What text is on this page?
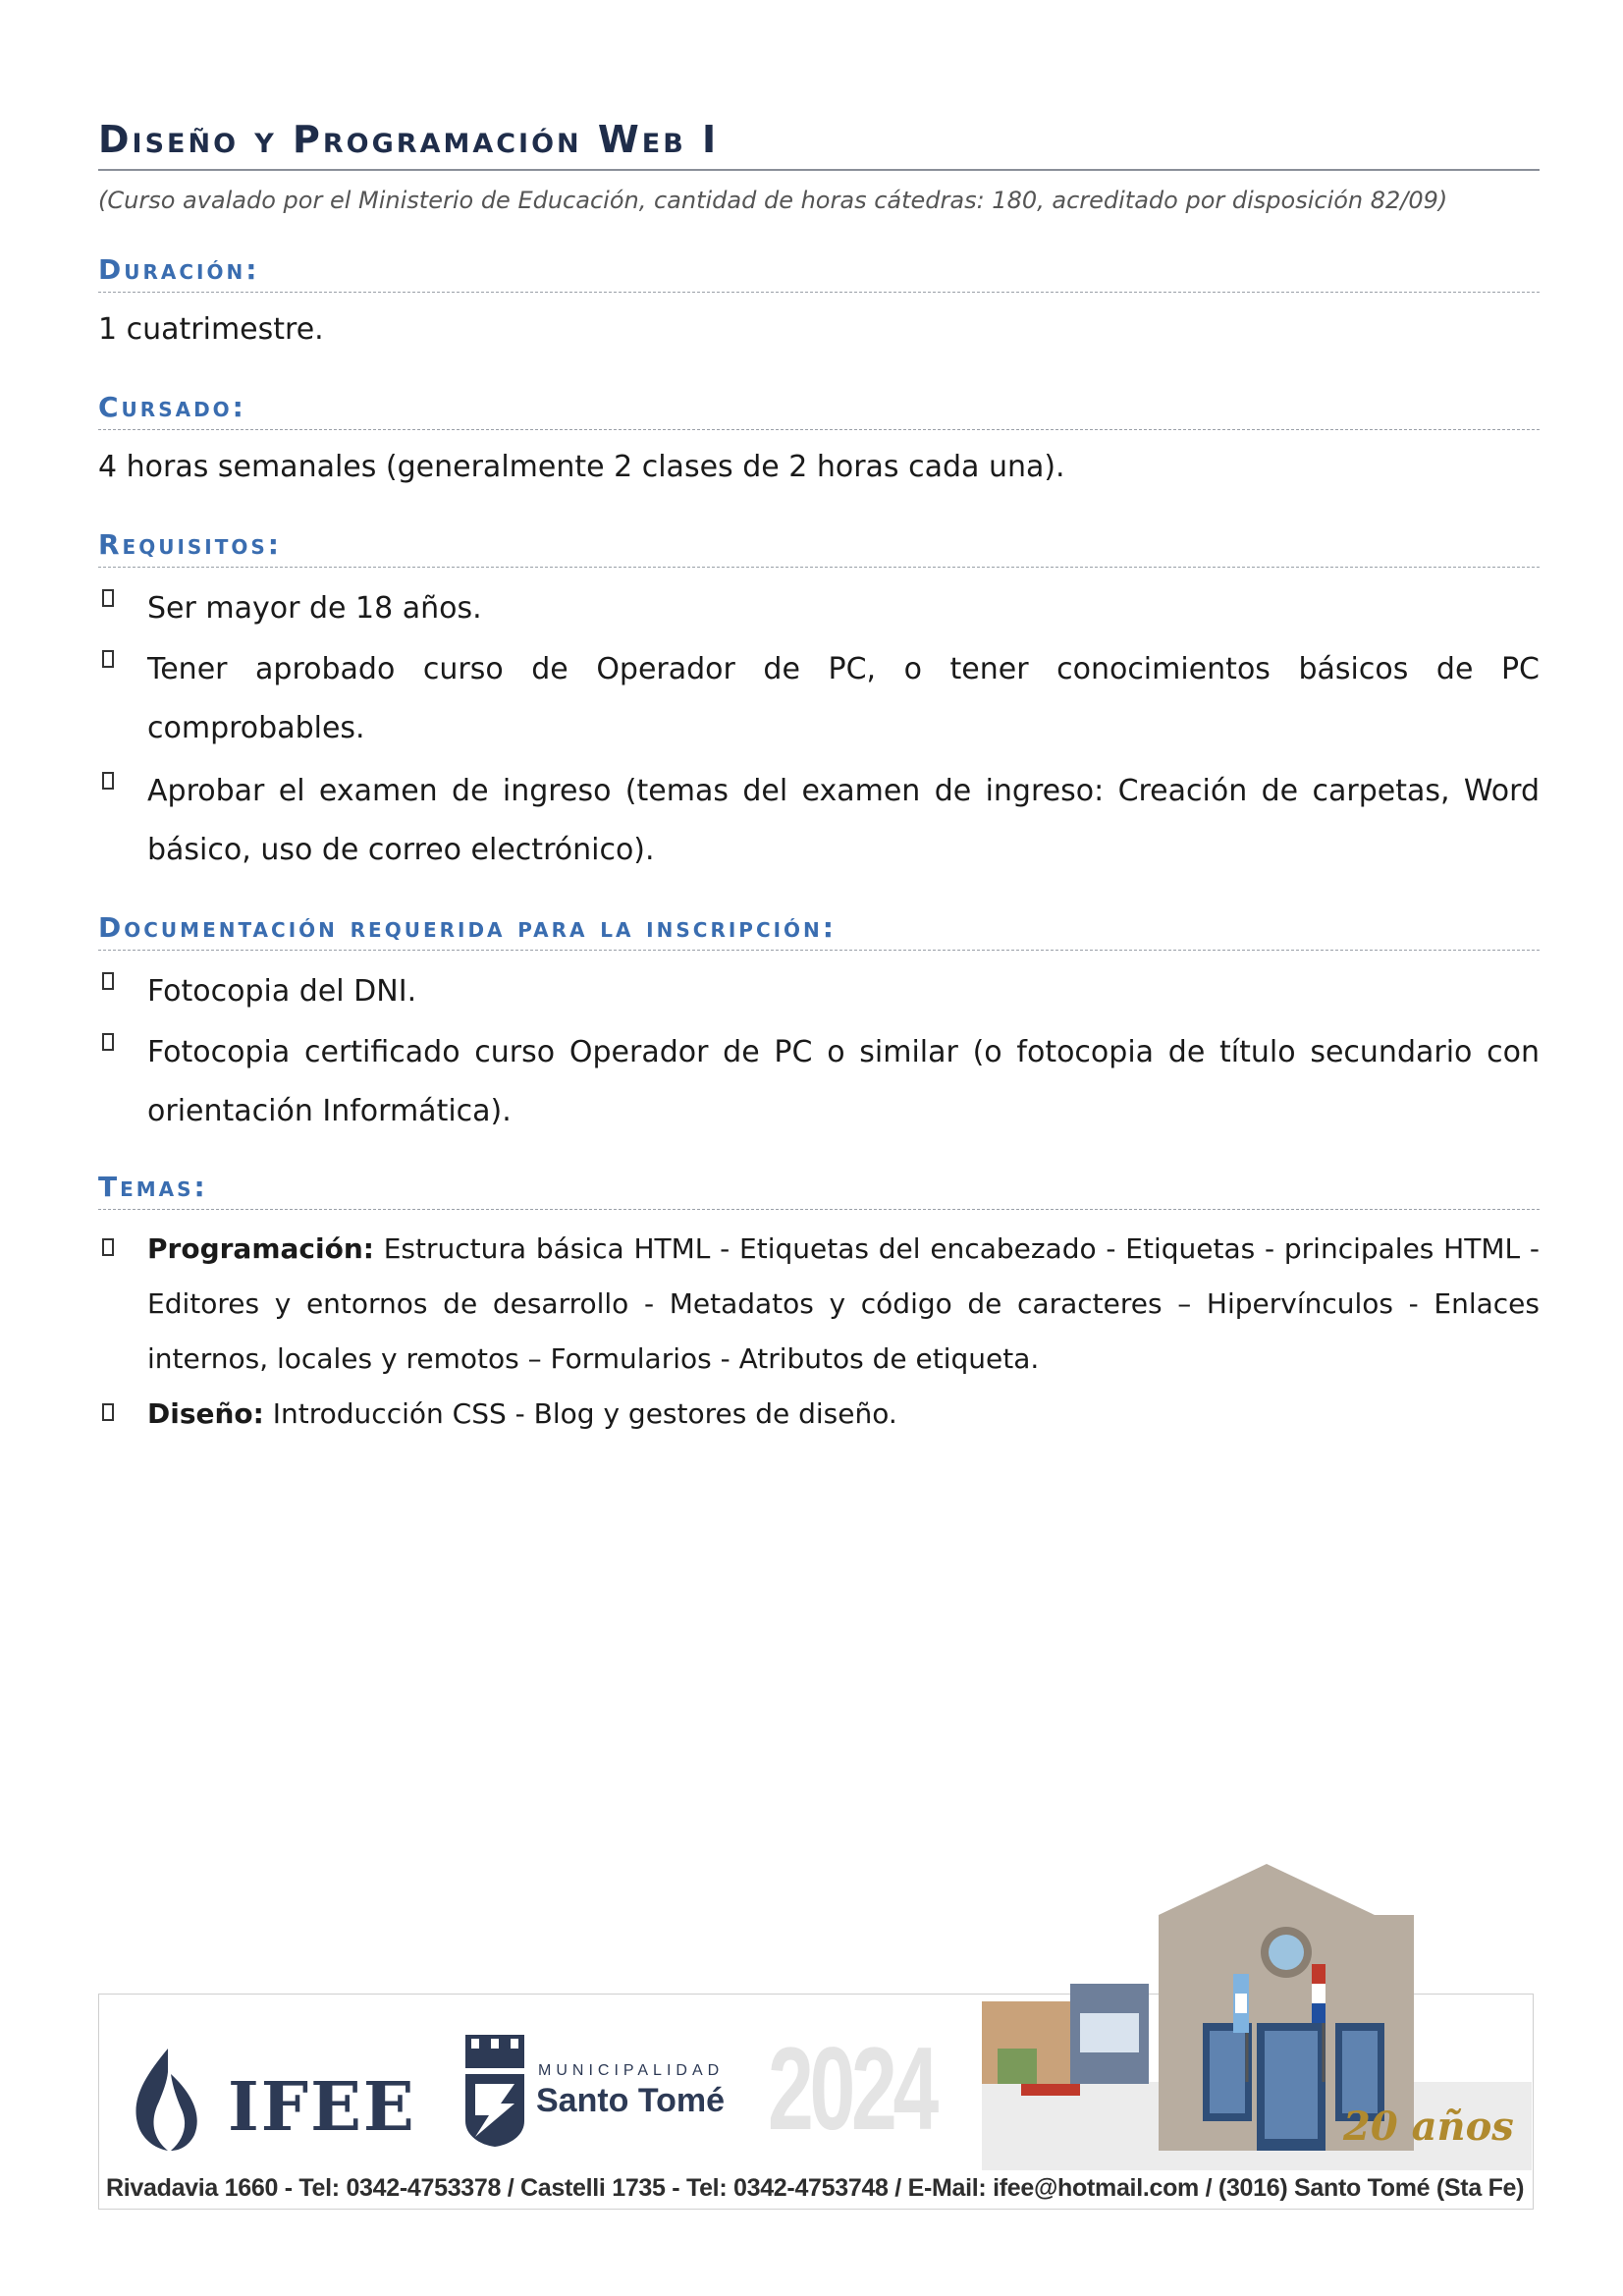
Diseño y Programación Web I
(Curso avalado por el Ministerio de Educación, cantidad de horas cátedras: 180, acreditado por disposición 82/09)
Duración:
1 cuatrimestre.
Cursado:
4 horas semanales (generalmente 2 clases de 2 horas cada una).
Requisitos:
Ser mayor de 18 años.
Tener aprobado curso de Operador de PC, o tener conocimientos básicos de PC comprobables.
Aprobar el examen de ingreso (temas del examen de ingreso: Creación de carpetas, Word básico, uso de correo electrónico).
Documentación requerida para la inscripción:
Fotocopia del DNI.
Fotocopia certificado curso Operador de PC o similar (o fotocopia de título secundario con orientación Informática).
Temas:
Programación: Estructura básica HTML - Etiquetas del encabezado - Etiquetas - principales HTML - Editores y entornos de desarrollo - Metadatos y código de caracteres – Hipervínculos - Enlaces internos, locales y remotos – Formularios - Atributos de etiqueta.
Diseño: Introducción CSS - Blog y gestores de diseño.
IFEE	MUNICIPALIDAD
Santo Tomé 2024	20 años
Rivadavia 1660 - Tel: 0342-4753378 / Castelli 1735 - Tel: 0342-4753748 / E-Mail: ifee@hotmail.com / (3016) Santo Tomé (Sta Fe)
